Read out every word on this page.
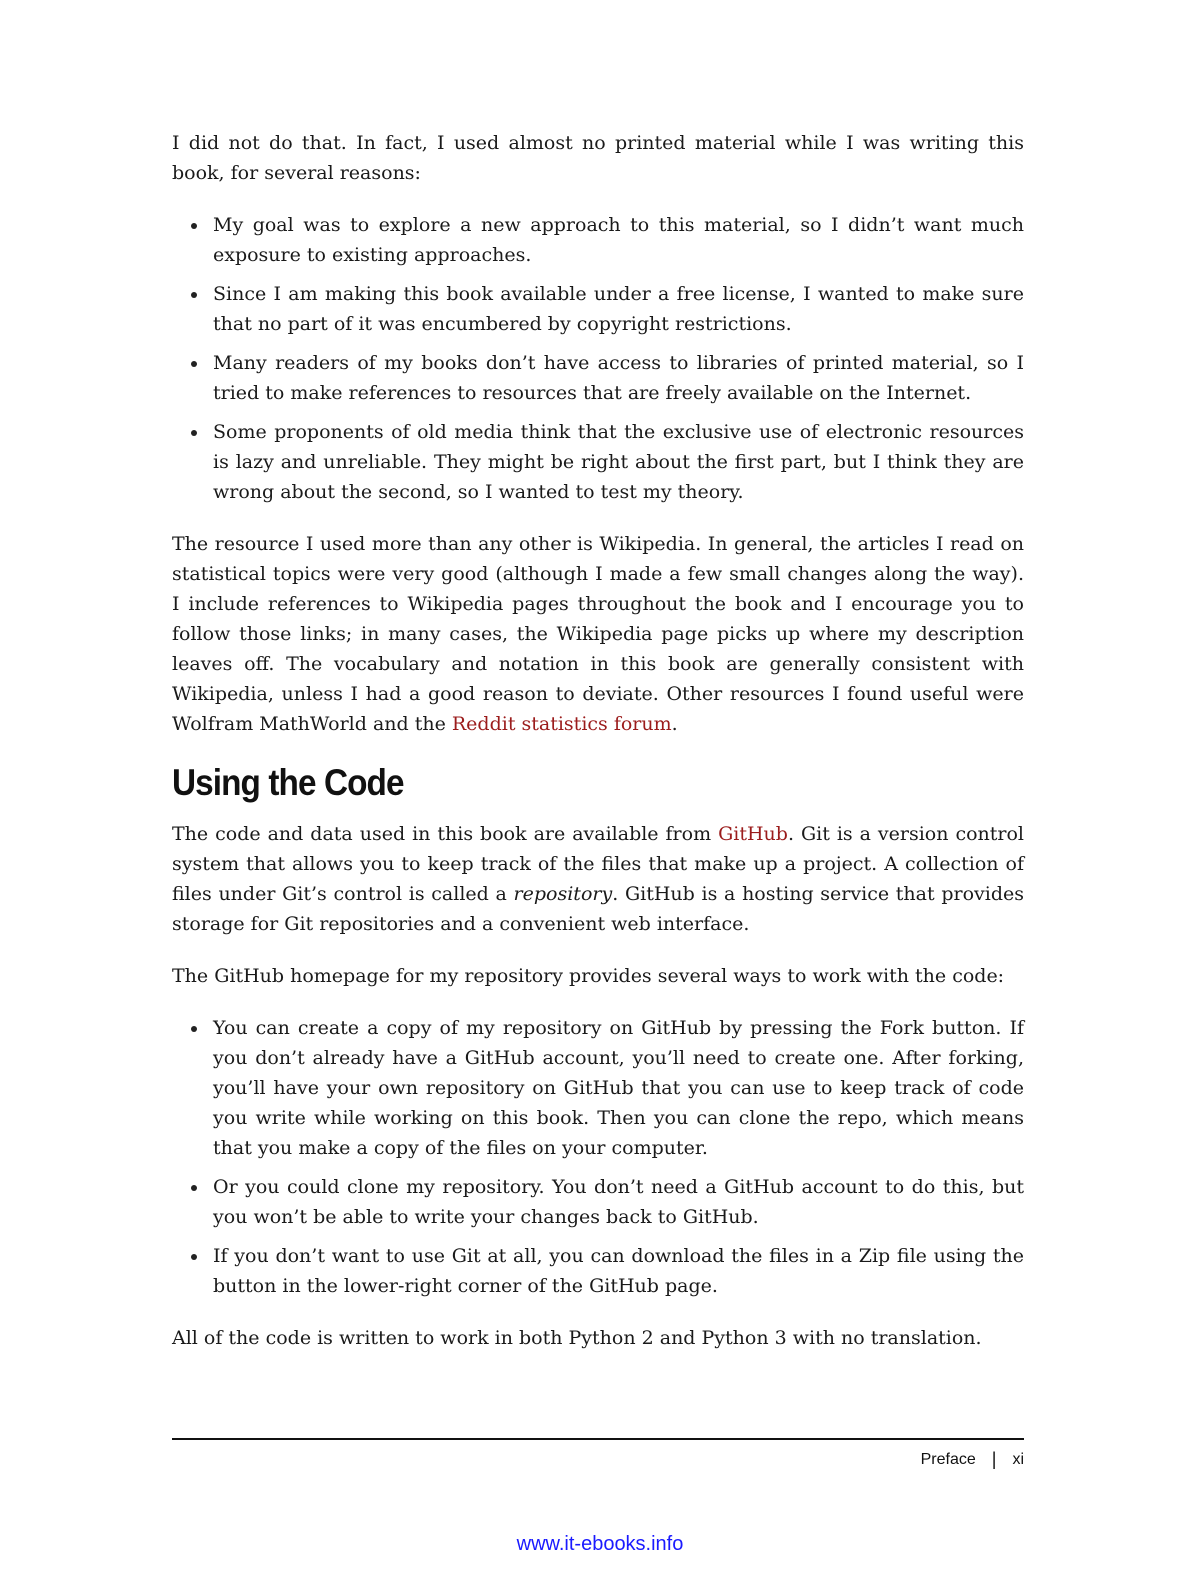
I did not do that. In fact, I used almost no printed material while I was writing this book, for several reasons:

My goal was to explore a new approach to this material, so I didn’t want much exposure to existing approaches.
Since I am making this book available under a free license, I wanted to make sure that no part of it was encumbered by copyright restrictions.
Many readers of my books don’t have access to libraries of printed material, so I tried to make references to resources that are freely available on the Internet.
Some proponents of old media think that the exclusive use of electronic resources is lazy and unreliable. They might be right about the first part, but I think they are wrong about the second, so I wanted to test my theory.

The resource I used more than any other is Wikipedia. In general, the articles I read on statistical topics were very good (although I made a few small changes along the way). I include references to Wikipedia pages throughout the book and I encourage you to follow those links; in many cases, the Wikipedia page picks up where my description leaves off. The vocabulary and notation in this book are generally consistent with Wikipedia, unless I had a good reason to deviate. Other resources I found useful were Wolfram MathWorld and the Reddit statistics forum.

Using the Code

The code and data used in this book are available from GitHub. Git is a version control system that allows you to keep track of the files that make up a project. A collection of files under Git’s control is called a repository. GitHub is a hosting service that provides storage for Git repositories and a convenient web interface.

The GitHub homepage for my repository provides several ways to work with the code:

You can create a copy of my repository on GitHub by pressing the Fork button. If you don’t already have a GitHub account, you’ll need to create one. After forking, you’ll have your own repository on GitHub that you can use to keep track of code you write while working on this book. Then you can clone the repo, which means that you make a copy of the files on your computer.
Or you could clone my repository. You don’t need a GitHub account to do this, but you won’t be able to write your changes back to GitHub.
If you don’t want to use Git at all, you can download the files in a Zip file using the button in the lower-right corner of the GitHub page.

All of the code is written to work in both Python 2 and Python 3 with no translation.

Preface | xi
www.it-ebooks.info
